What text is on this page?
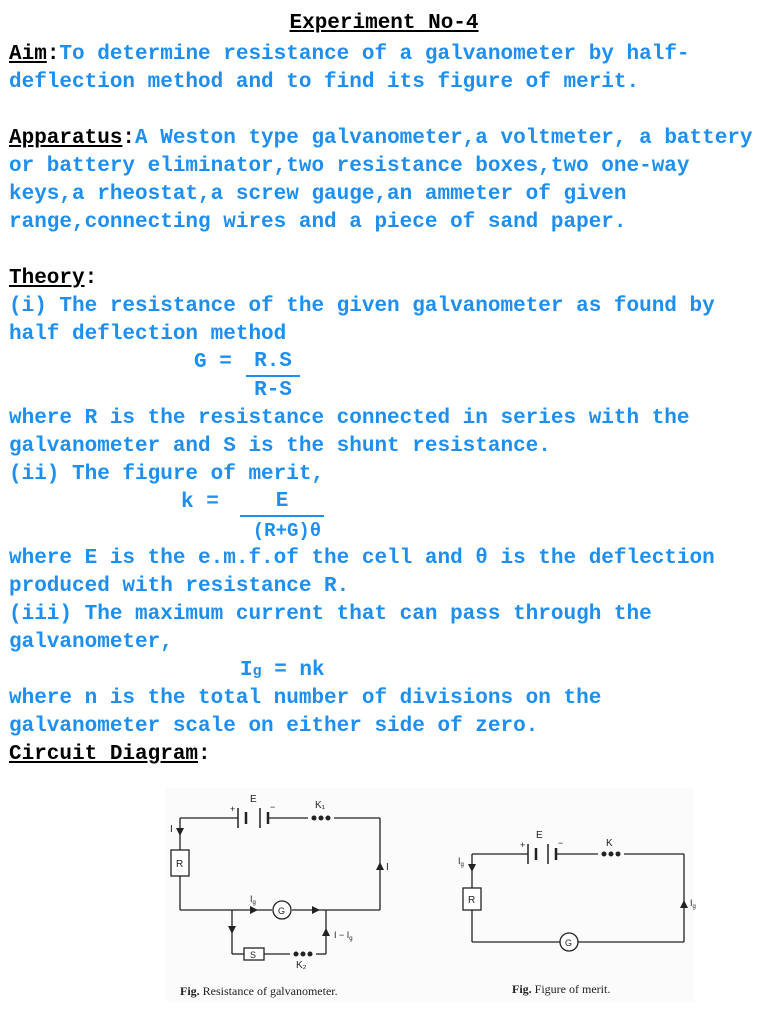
Experiment No-4
Aim:To determine resistance of a galvanometer by half-deflection method and to find its figure of merit.
Apparatus:A Weston type galvanometer,a voltmeter, a battery or battery eliminator,two resistance boxes,two one-way keys,a rheostat,a screw gauge,an ammeter of given range,connecting wires and a piece of sand paper.
Theory:
(i) The resistance of the given galvanometer as found by half deflection method
G =	R.S
R-S
where R is the resistance connected in series with the galvanometer and S is the shunt resistance.
(ii) The figure of merit,
k =	E
(R+G)θ
where E is the e.m.f.of the cell and θ is the deflection produced with resistance R.
(iii) The maximum current that can pass through the galvanometer,
Ig = nk
where n is the total number of divisions on the galvanometer scale on either side of zero.
Circuit Diagram:
E
+	−	K₁
R
G
S
K₂
I
I
$I_g$
$I - I_g$
E
+	−	K
R
G
$I_g$
$I_g$
Fig. Resistance of galvanometer.	Fig. Figure of merit.
